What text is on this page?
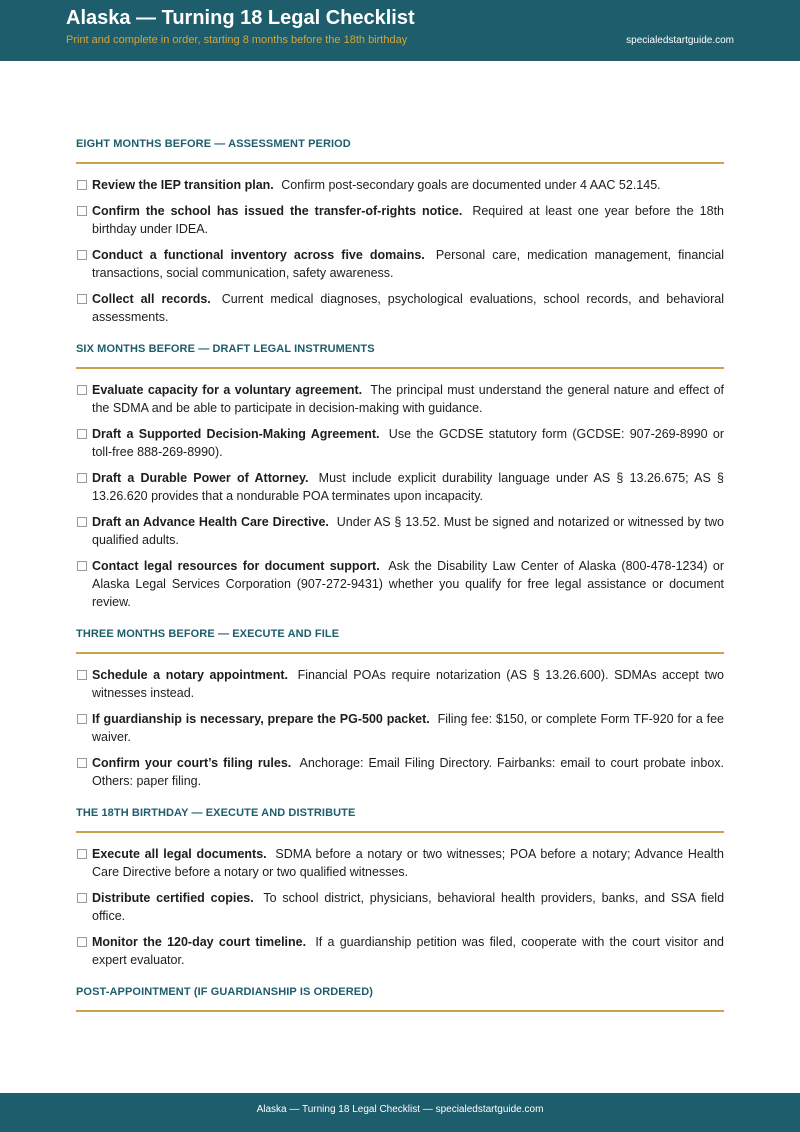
Alaska — Turning 18 Legal Checklist
Print and complete in order, starting 8 months before the 18th birthday	specialedstartguide.com
EIGHT MONTHS BEFORE — ASSESSMENT PERIOD
Review the IEP transition plan. Confirm post-secondary goals are documented under 4 AAC 52.145.
Confirm the school has issued the transfer-of-rights notice. Required at least one year before the 18th birthday under IDEA.
Conduct a functional inventory across five domains. Personal care, medication management, financial transactions, social communication, safety awareness.
Collect all records. Current medical diagnoses, psychological evaluations, school records, and behavioral assessments.
SIX MONTHS BEFORE — DRAFT LEGAL INSTRUMENTS
Evaluate capacity for a voluntary agreement. The principal must understand the general nature and effect of the SDMA and be able to participate in decision-making with guidance.
Draft a Supported Decision-Making Agreement. Use the GCDSE statutory form (GCDSE: 907-269-8990 or toll-free 888-269-8990).
Draft a Durable Power of Attorney. Must include explicit durability language under AS § 13.26.675; AS § 13.26.620 provides that a nondurable POA terminates upon incapacity.
Draft an Advance Health Care Directive. Under AS § 13.52. Must be signed and notarized or witnessed by two qualified adults.
Contact legal resources for document support. Ask the Disability Law Center of Alaska (800-478-1234) or Alaska Legal Services Corporation (907-272-9431) whether you qualify for free legal assistance or document review.
THREE MONTHS BEFORE — EXECUTE AND FILE
Schedule a notary appointment. Financial POAs require notarization (AS § 13.26.600). SDMAs accept two witnesses instead.
If guardianship is necessary, prepare the PG-500 packet. Filing fee: $150, or complete Form TF-920 for a fee waiver.
Confirm your court’s filing rules. Anchorage: Email Filing Directory. Fairbanks: email to court probate inbox. Others: paper filing.
THE 18TH BIRTHDAY — EXECUTE AND DISTRIBUTE
Execute all legal documents. SDMA before a notary or two witnesses; POA before a notary; Advance Health Care Directive before a notary or two qualified witnesses.
Distribute certified copies. To school district, physicians, behavioral health providers, banks, and SSA field office.
Monitor the 120-day court timeline. If a guardianship petition was filed, cooperate with the court visitor and expert evaluator.
POST-APPOINTMENT (IF GUARDIANSHIP IS ORDERED)
Alaska — Turning 18 Legal Checklist — specialedstartguide.com
